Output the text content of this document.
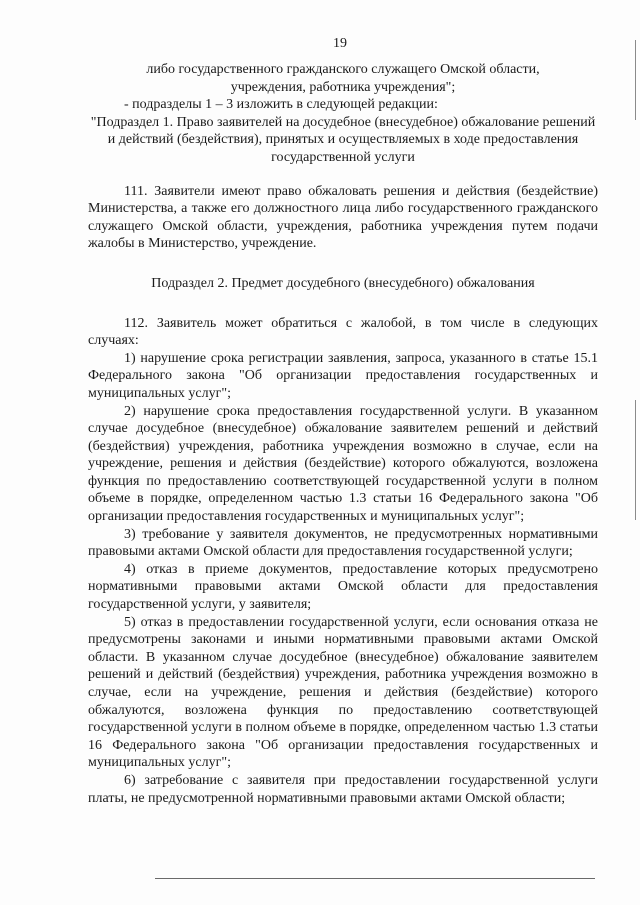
19

либо государственного гражданского служащего Омской области,

учреждения, работника учреждения";

- подразделы 1 – 3 изложить в следующей редакции:

"Подраздел 1. Право заявителей на досудебное (внесудебное) обжалование решений и действий (бездействия), принятых и осуществляемых в ходе предоставления государственной услуги

111. Заявители имеют право обжаловать решения и действия (бездействие) Министерства, а также его должностного лица либо государственного гражданского служащего Омской области, учреждения, работника учреждения путем подачи жалобы в Министерство, учреждение.

Подраздел 2. Предмет досудебного (внесудебного) обжалования

112. Заявитель может обратиться с жалобой, в том числе в следующих случаях:

1) нарушение срока регистрации заявления, запроса, указанного в статье 15.1 Федерального закона "Об организации предоставления государственных и муниципальных услуг";

2) нарушение срока предоставления государственной услуги. В указанном случае досудебное (внесудебное) обжалование заявителем решений и действий (бездействия) учреждения, работника учреждения возможно в случае, если на учреждение, решения и действия (бездействие) которого обжалуются, возложена функция по предоставлению соответствующей государственной услуги в полном объеме в порядке, определенном частью 1.3 статьи 16 Федерального закона "Об организации предоставления государственных и муниципальных услуг";

3) требование у заявителя документов, не предусмотренных нормативными правовыми актами Омской области для предоставления государственной услуги;

4) отказ в приеме документов, предоставление которых предусмотрено нормативными правовыми актами Омской области для предоставления государственной услуги, у заявителя;

5) отказ в предоставлении государственной услуги, если основания отказа не предусмотрены законами и иными нормативными правовыми актами Омской области. В указанном случае досудебное (внесудебное) обжалование заявителем решений и действий (бездействия) учреждения, работника учреждения возможно в случае, если на учреждение, решения и действия (бездействие) которого обжалуются, возложена функция по предоставлению соответствующей государственной услуги в полном объеме в порядке, определенном частью 1.3 статьи 16 Федерального закона "Об организации предоставления государственных и муниципальных услуг";

6) затребование с заявителя при предоставлении государственной услуги платы, не предусмотренной нормативными правовыми актами Омской области;
